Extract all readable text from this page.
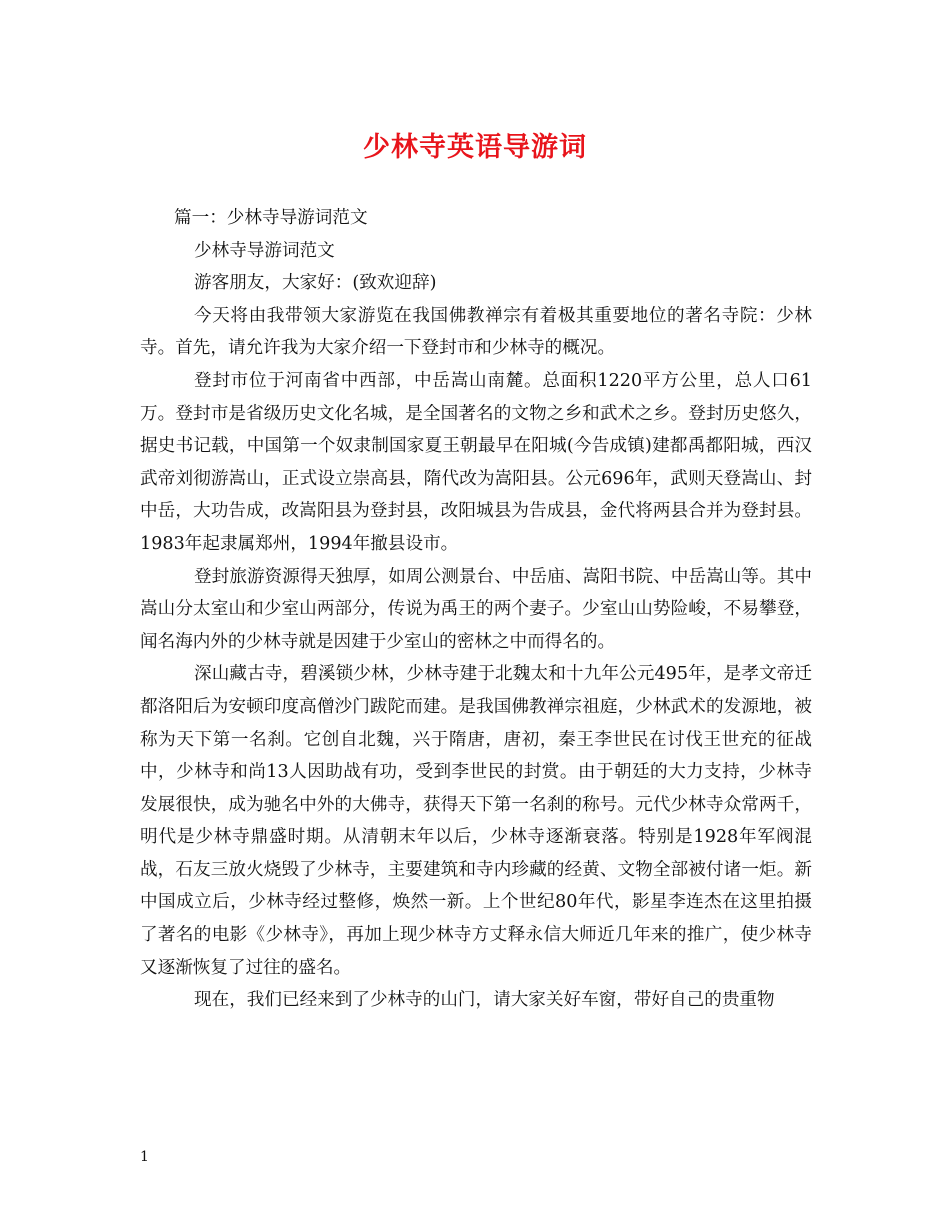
少林寺英语导游词

篇一：少林寺导游词范文

少林寺导游词范文

游客朋友，大家好：(致欢迎辞)

今天将由我带领大家游览在我国佛教禅宗有着极其重要地位的著名寺院：少林寺。首先，请允许我为大家介绍一下登封市和少林寺的概况。

登封市位于河南省中西部，中岳嵩山南麓。总面积1220平方公里，总人口61万。登封市是省级历史文化名城，是全国著名的文物之乡和武术之乡。登封历史悠久，据史书记载，中国第一个奴隶制国家夏王朝最早在阳城(今告成镇)建都禹都阳城，西汉武帝刘彻游嵩山，正式设立崇高县，隋代改为嵩阳县。公元696年，武则天登嵩山、封中岳，大功告成，改嵩阳县为登封县，改阳城县为告成县，金代将两县合并为登封县。1983年起隶属郑州，1994年撤县设市。

登封旅游资源得天独厚，如周公测景台、中岳庙、嵩阳书院、中岳嵩山等。其中嵩山分太室山和少室山两部分，传说为禹王的两个妻子。少室山山势险峻，不易攀登，闻名海内外的少林寺就是因建于少室山的密林之中而得名的。

深山藏古寺，碧溪锁少林，少林寺建于北魏太和十九年公元495年，是孝文帝迁都洛阳后为安顿印度高僧沙门跋陀而建。是我国佛教禅宗祖庭，少林武术的发源地，被称为天下第一名刹。它创自北魏，兴于隋唐，唐初，秦王李世民在讨伐王世充的征战中，少林寺和尚13人因助战有功，受到李世民的封赏。由于朝廷的大力支持，少林寺发展很快，成为驰名中外的大佛寺，获得天下第一名刹的称号。元代少林寺众常两千，明代是少林寺鼎盛时期。从清朝末年以后，少林寺逐渐衰落。特别是1928年军阀混战，石友三放火烧毁了少林寺，主要建筑和寺内珍藏的经黄、文物全部被付诸一炬。新中国成立后，少林寺经过整修，焕然一新。上个世纪80年代，影星李连杰在这里拍摄了著名的电影《少林寺》，再加上现少林寺方丈释永信大师近几年来的推广，使少林寺又逐渐恢复了过往的盛名。

现在，我们已经来到了少林寺的山门，请大家关好车窗，带好自己的贵重物

1
